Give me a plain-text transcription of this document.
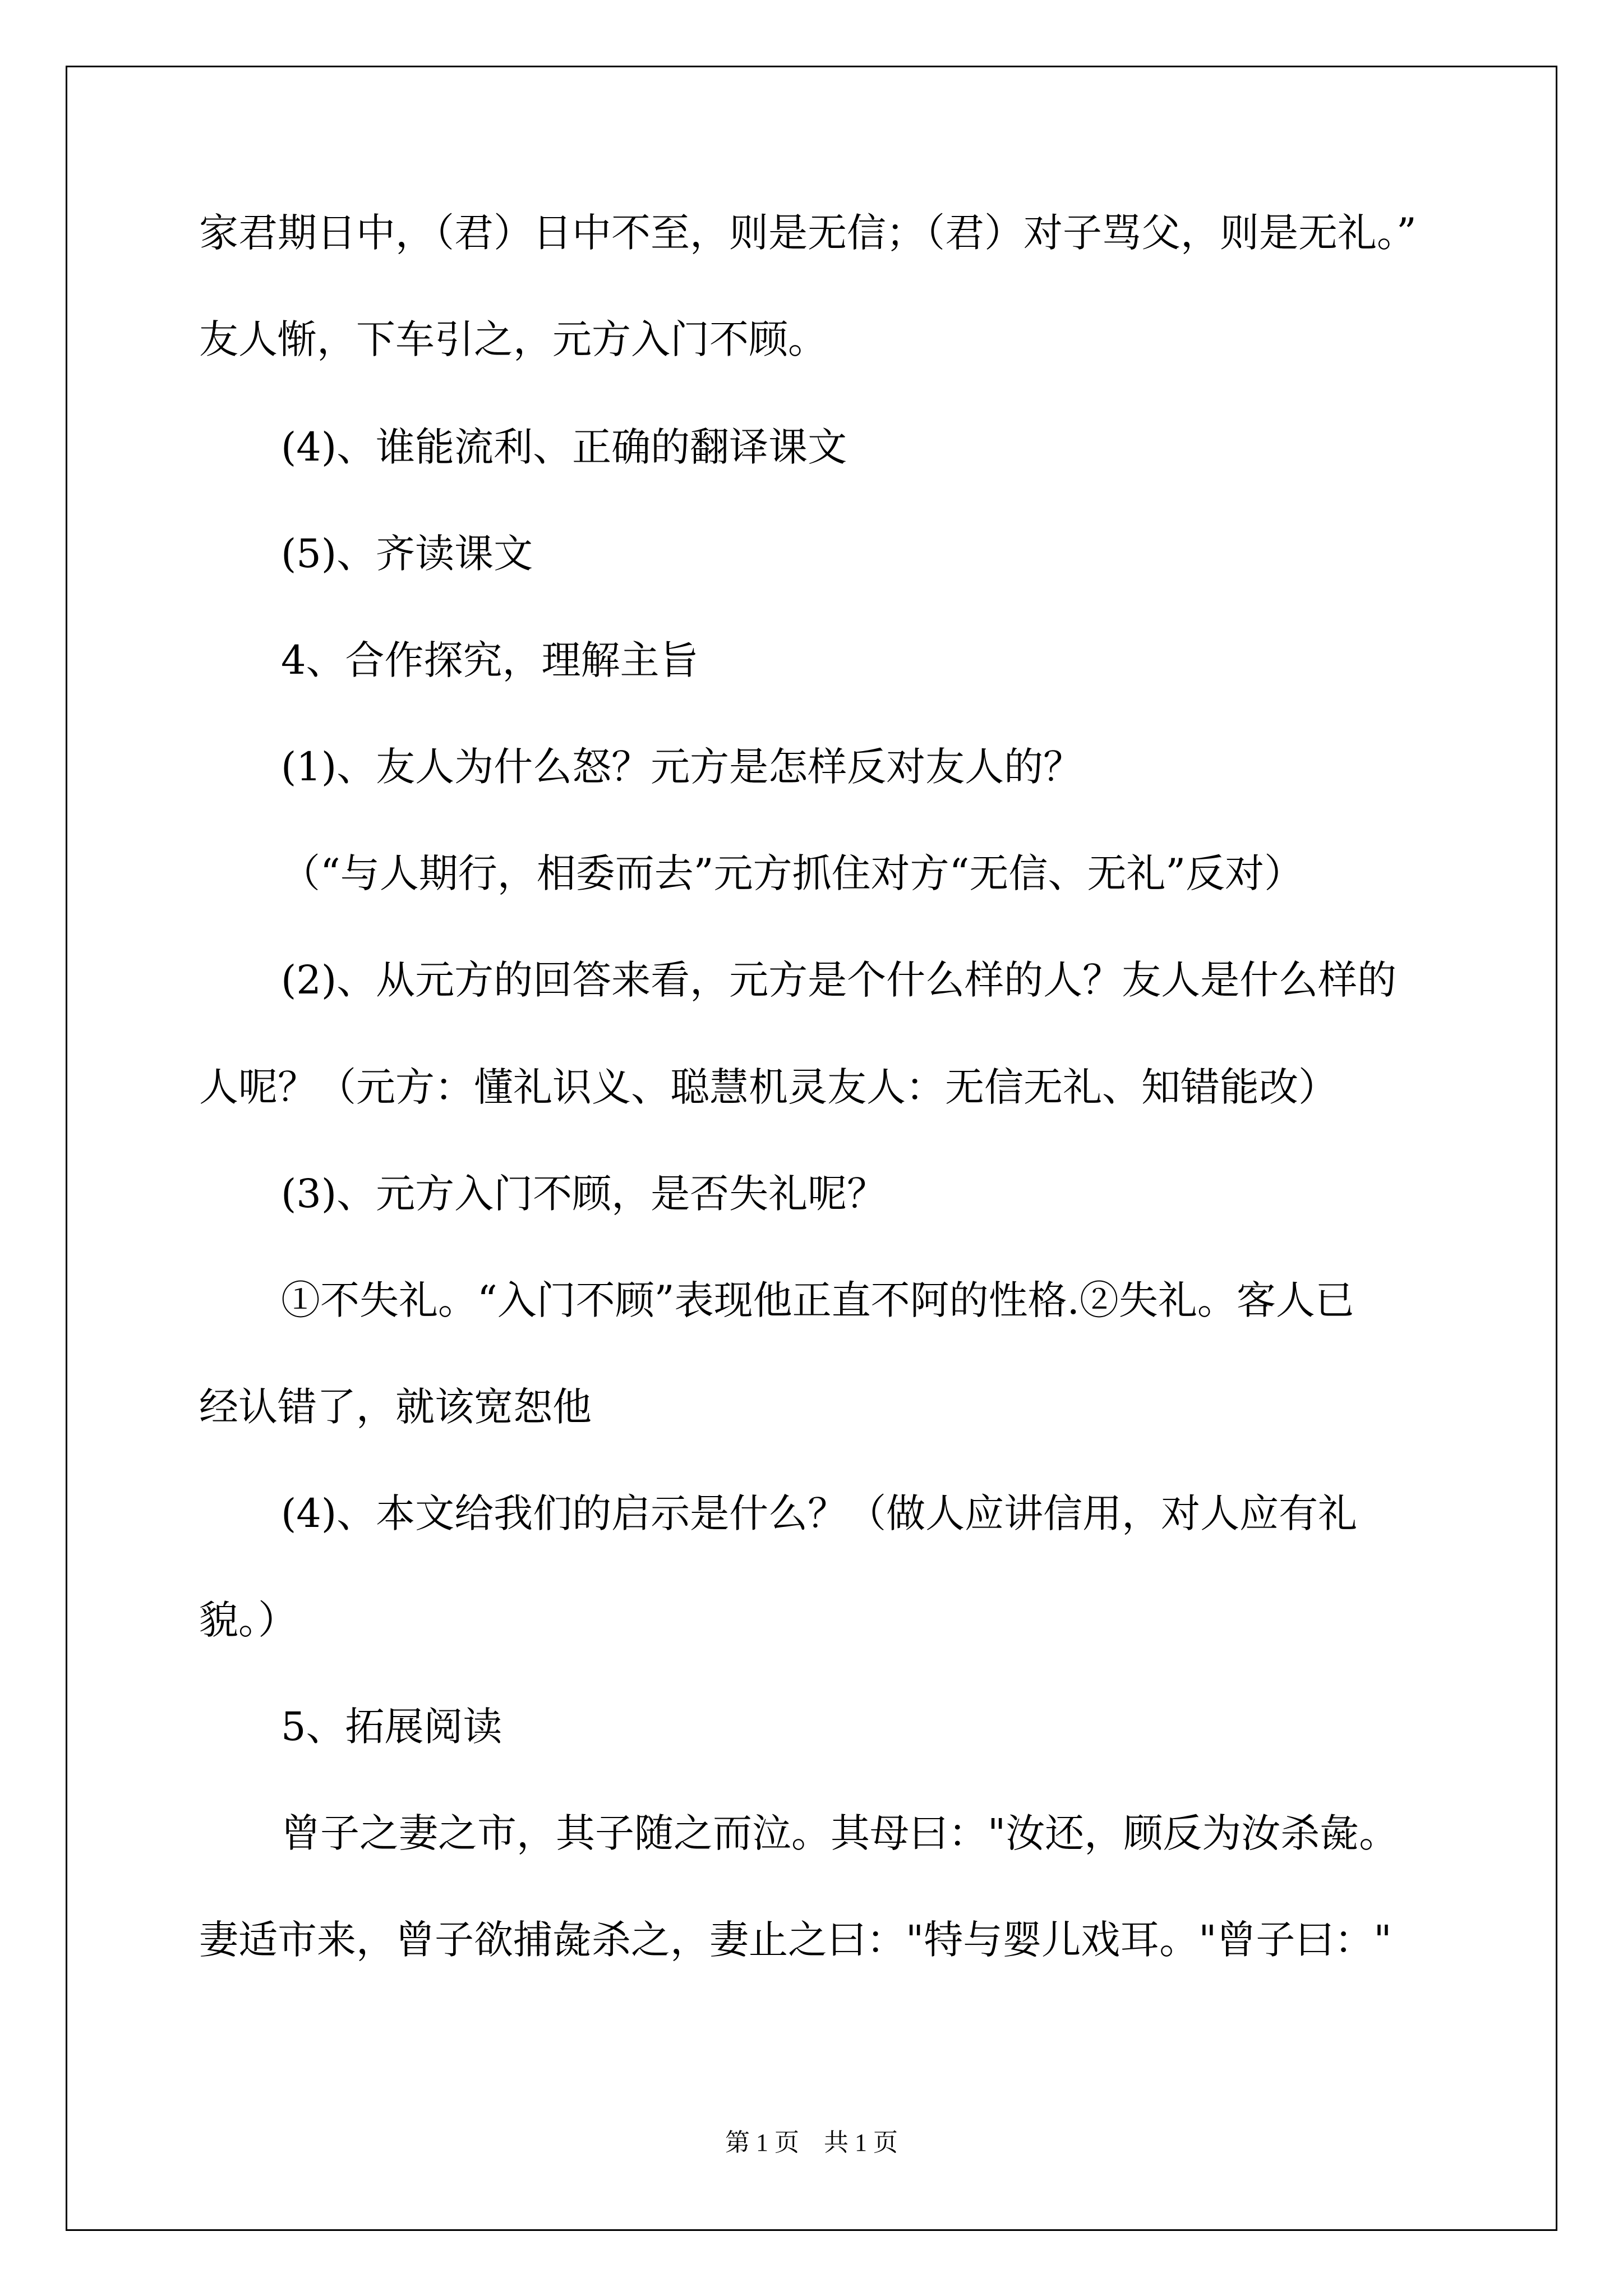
家君期日中，（君）日中不至，则是无信；（君）对子骂父，则是无礼。”
友人惭，下车引之，元方入门不顾。
(4)、谁能流利、正确的翻译课文
(5)、齐读课文
4、合作探究，理解主旨
(1)、友人为什么怒？元方是怎样反对友人的？
（“与人期行，相委而去”元方抓住对方“无信、无礼”反对）
(2)、从元方的回答来看，元方是个什么样的人？友人是什么样的
人呢？（元方：懂礼识义、聪慧机灵友人：无信无礼、知错能改）
(3)、元方入门不顾，是否失礼呢？
①不失礼。“入门不顾”表现他正直不阿的性格.②失礼。客人已
经认错了，就该宽恕他
(4)、本文给我们的启示是什么？（做人应讲信用，对人应有礼
貌。）
5、拓展阅读
曾子之妻之市，其子随之而泣。其母曰："汝还，顾反为汝杀彘。
妻适市来，曾子欲捕彘杀之，妻止之曰："特与婴儿戏耳。"曾子曰："
第 1 页    共 1 页
